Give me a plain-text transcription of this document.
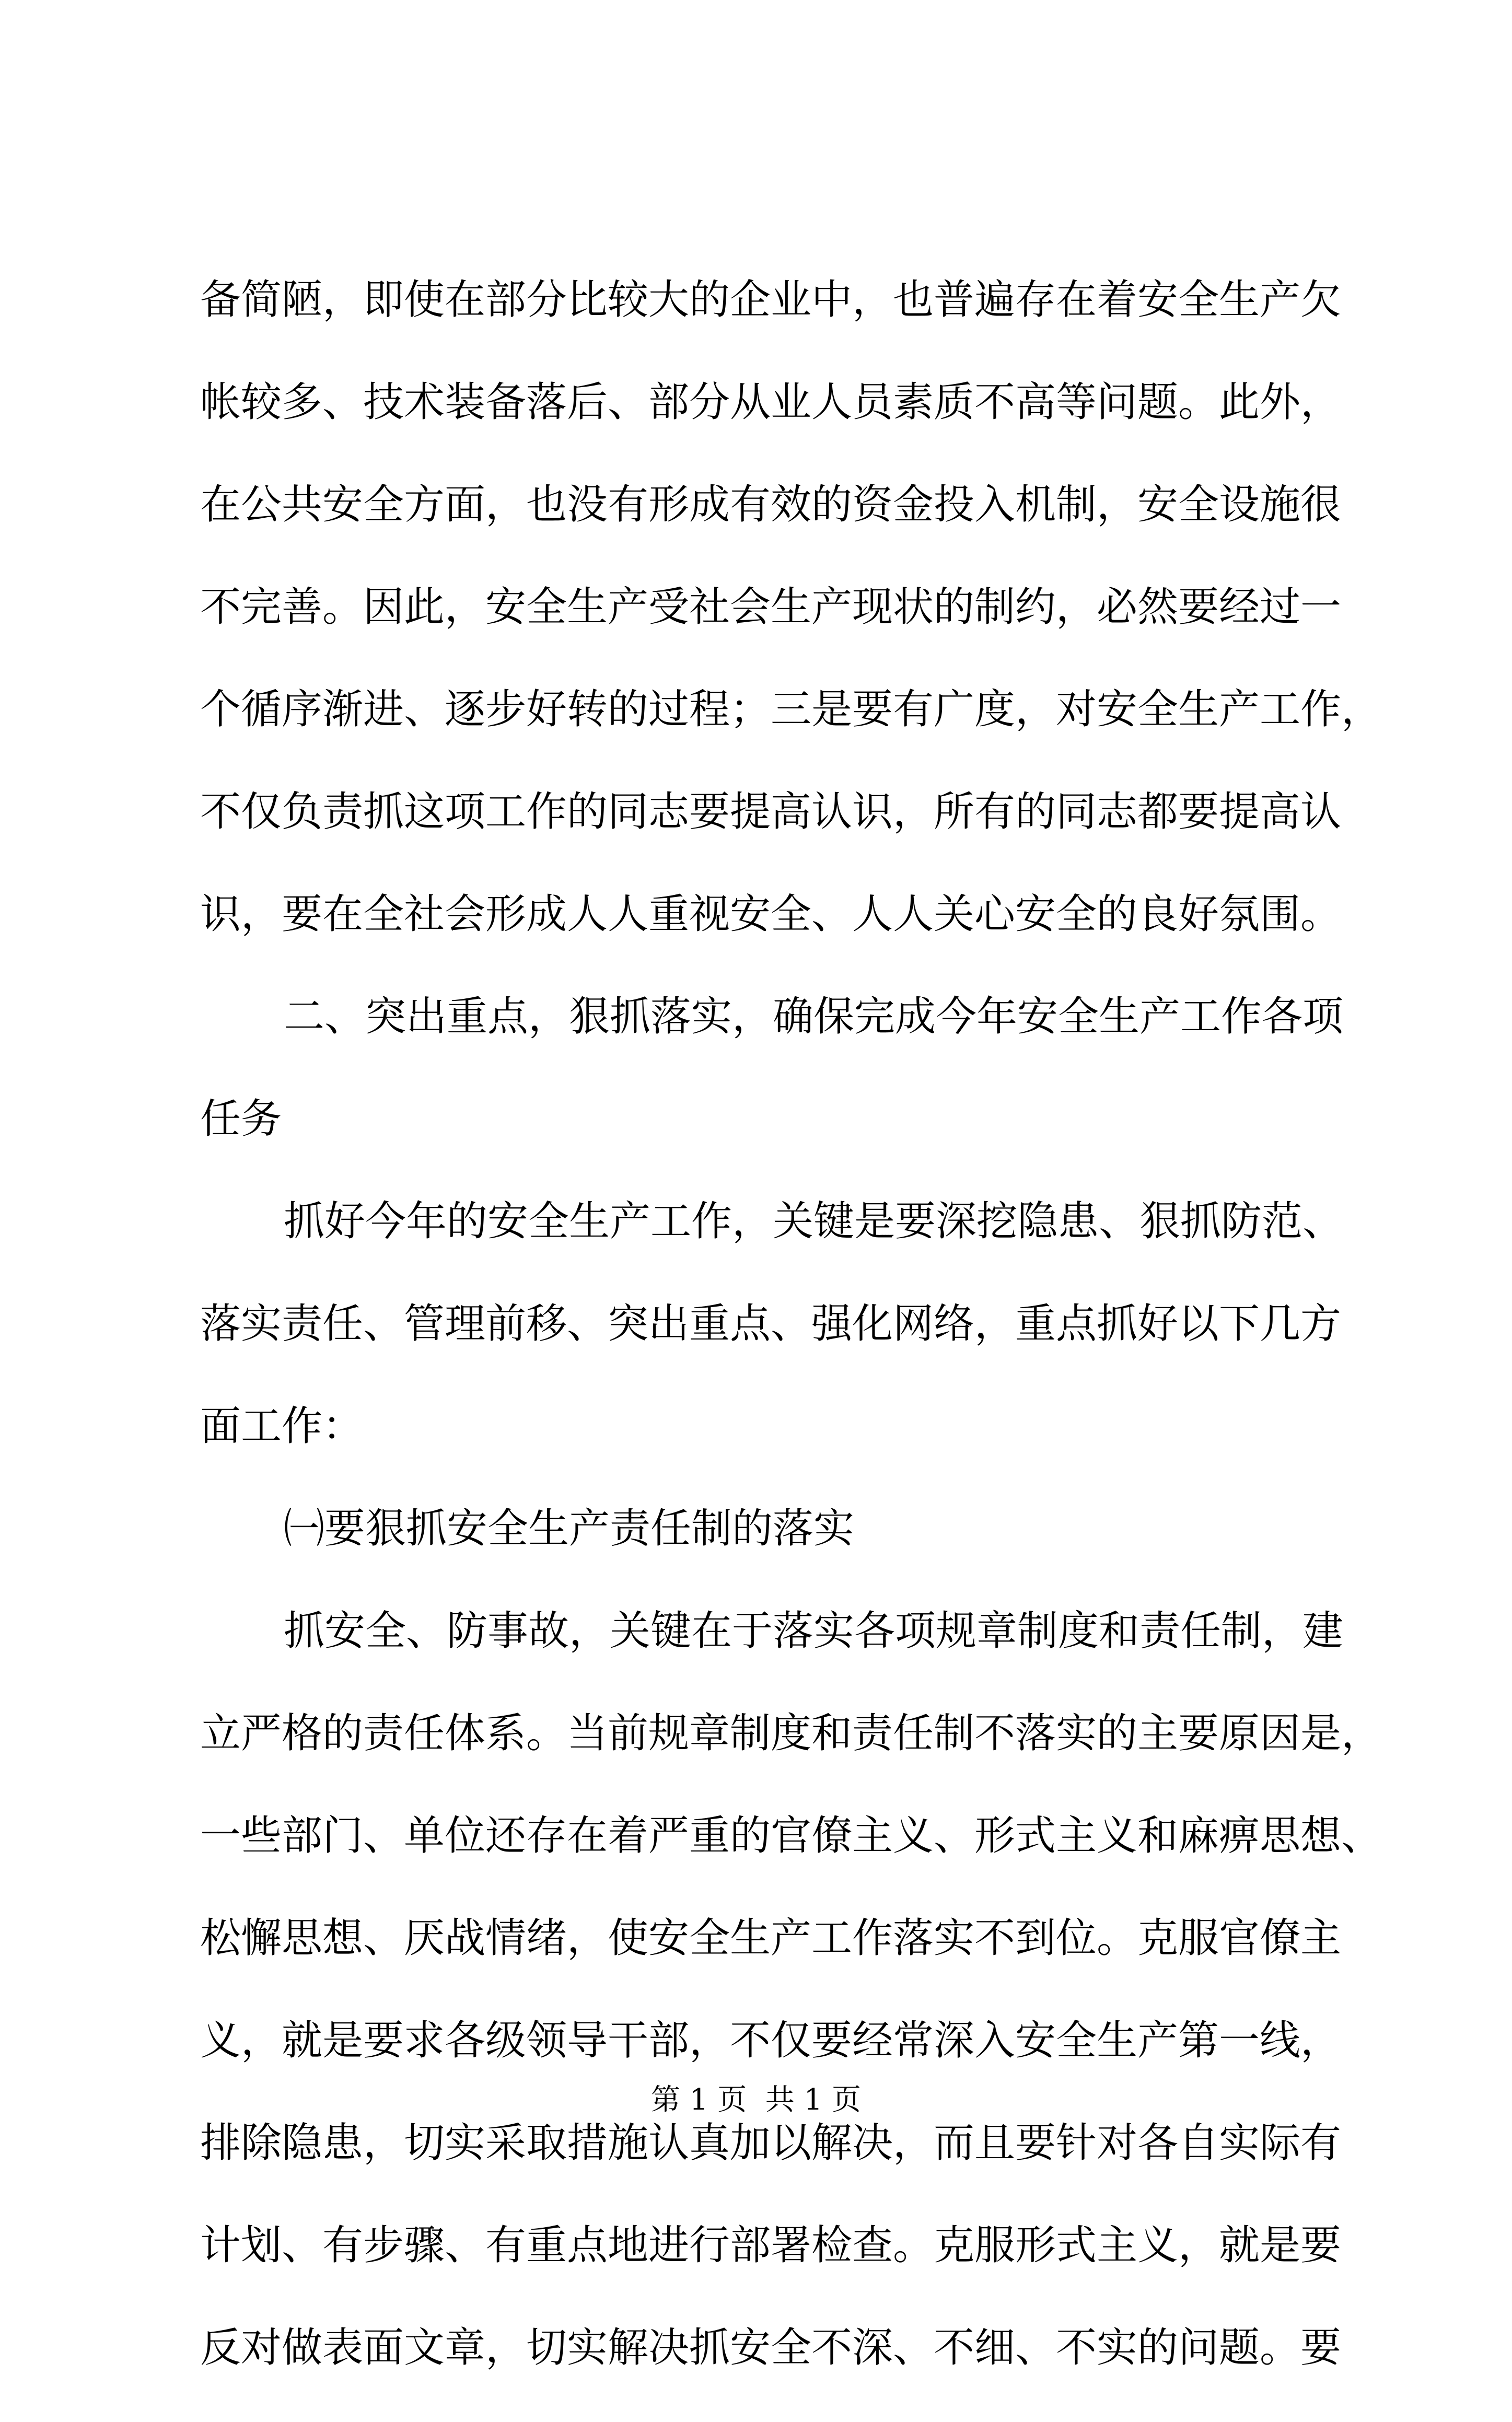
备简陋，即使在部分比较大的企业中，也普遍存在着安全生产欠
帐较多、技术装备落后、部分从业人员素质不高等问题。此外，
在公共安全方面，也没有形成有效的资金投入机制，安全设施很
不完善。因此，安全生产受社会生产现状的制约，必然要经过一
个循序渐进、逐步好转的过程；三是要有广度，对安全生产工作，
不仅负责抓这项工作的同志要提高认识，所有的同志都要提高认
识，要在全社会形成人人重视安全、人人关心安全的良好氛围。
二、突出重点，狠抓落实，确保完成今年安全生产工作各项
任务
抓好今年的安全生产工作，关键是要深挖隐患、狠抓防范、
落实责任、管理前移、突出重点、强化网络，重点抓好以下几方
面工作：
㈠要狠抓安全生产责任制的落实
抓安全、防事故，关键在于落实各项规章制度和责任制，建
立严格的责任体系。当前规章制度和责任制不落实的主要原因是，
一些部门、单位还存在着严重的官僚主义、形式主义和麻痹思想、
松懈思想、厌战情绪，使安全生产工作落实不到位。克服官僚主
义，就是要求各级领导干部，不仅要经常深入安全生产第一线，
排除隐患，切实采取措施认真加以解决，而且要针对各自实际有
计划、有步骤、有重点地进行部署检查。克服形式主义，就是要
反对做表面文章，切实解决抓安全不深、不细、不实的问题。要
第 1 页  共 1 页
